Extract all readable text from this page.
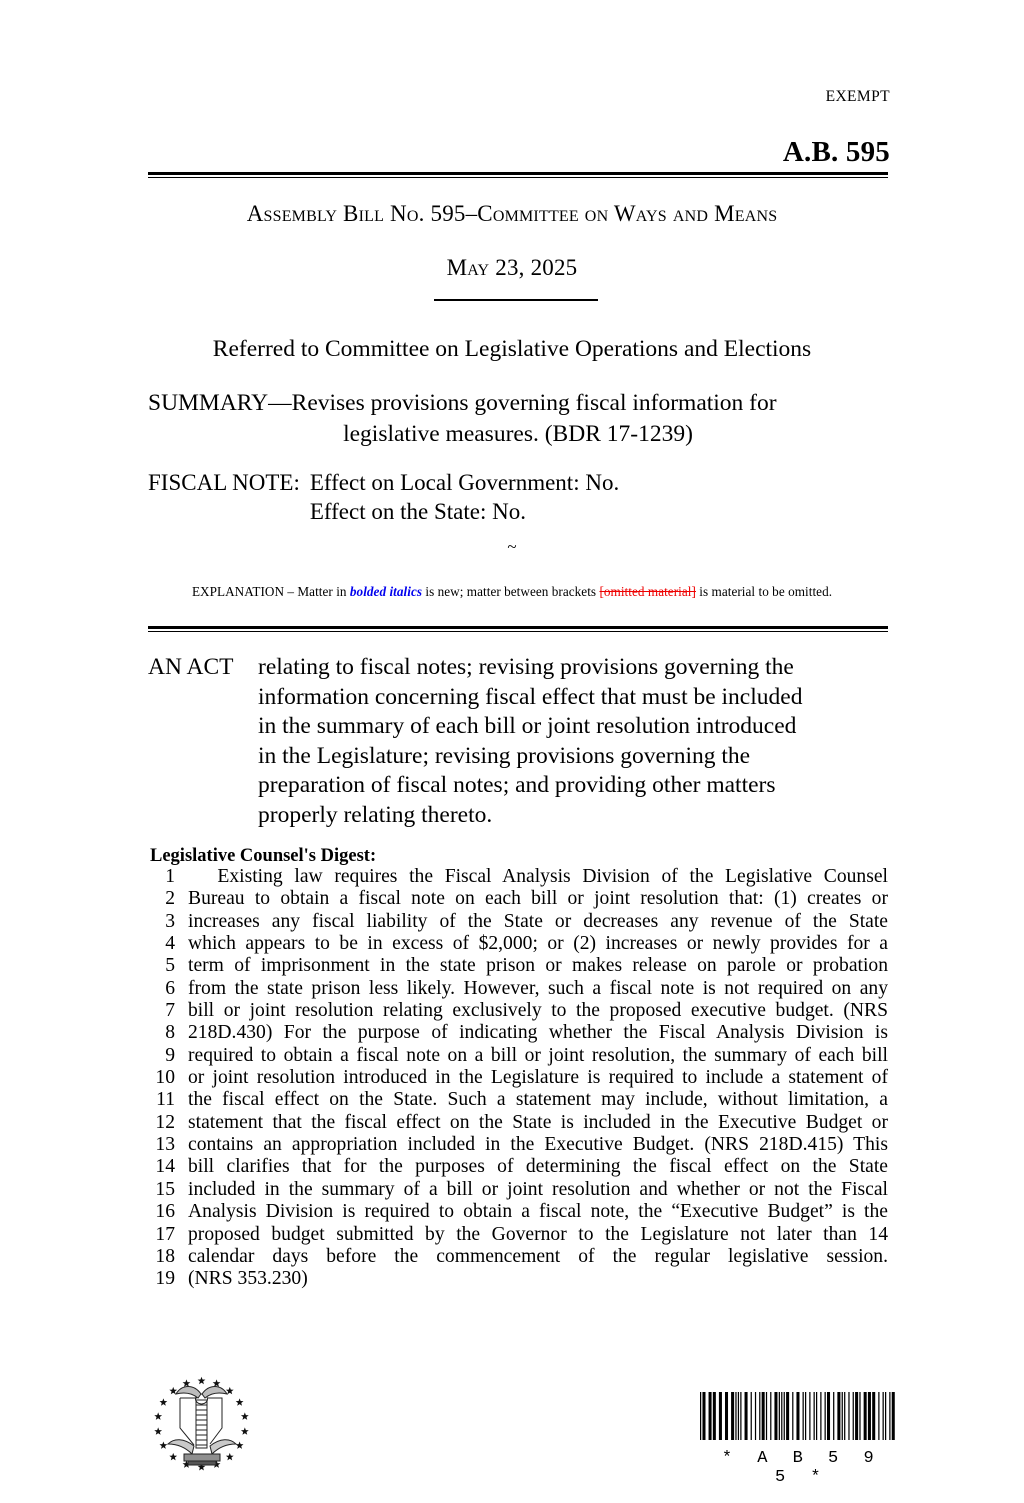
EXEMPT
A.B. 595
Assembly Bill No. 595–Committee on Ways and Means
May 23, 2025
Referred to Committee on Legislative Operations and Elections
SUMMARY—Revises provisions governing fiscal information for
legislative measures. (BDR 17-1239)
FISCAL NOTE: Effect on Local Government: No.
Effect on the State: No.
~
EXPLANATION – Matter in bolded italics is new; matter between brackets [omitted material] is material to be omitted.
AN ACT	relating to fiscal notes; revising provisions governing the
information concerning fiscal effect that must be included
in the summary of each bill or joint resolution introduced
in the Legislature; revising provisions governing the
preparation of fiscal notes; and providing other matters
properly relating thereto.
Legislative Counsel's Digest:
1   Existing law requires the Fiscal Analysis Division of the Legislative Counsel
2 Bureau to obtain a fiscal note on each bill or joint resolution that: (1) creates or
3 increases any fiscal liability of the State or decreases any revenue of the State
4 which appears to be in excess of $2,000; or (2) increases or newly provides for a
5 term of imprisonment in the state prison or makes release on parole or probation
6 from the state prison less likely. However, such a fiscal note is not required on any
7 bill or joint resolution relating exclusively to the proposed executive budget. (NRS
8 218D.430) For the purpose of indicating whether the Fiscal Analysis Division is
9 required to obtain a fiscal note on a bill or joint resolution, the summary of each bill
10 or joint resolution introduced in the Legislature is required to include a statement of
11 the fiscal effect on the State. Such a statement may include, without limitation, a
12 statement that the fiscal effect on the State is included in the Executive Budget or
13 contains an appropriation included in the Executive Budget. (NRS 218D.415) This
14 bill clarifies that for the purposes of determining the fiscal effect on the State
15 included in the summary of a bill or joint resolution and whether or not the Fiscal
16 Analysis Division is required to obtain a fiscal note, the “Executive Budget” is the
17 proposed budget submitted by the Governor to the Legislature not later than 14
18 calendar days before the commencement of the regular legislative session.
19 (NRS 353.230)
* A B 5 9 5 *
